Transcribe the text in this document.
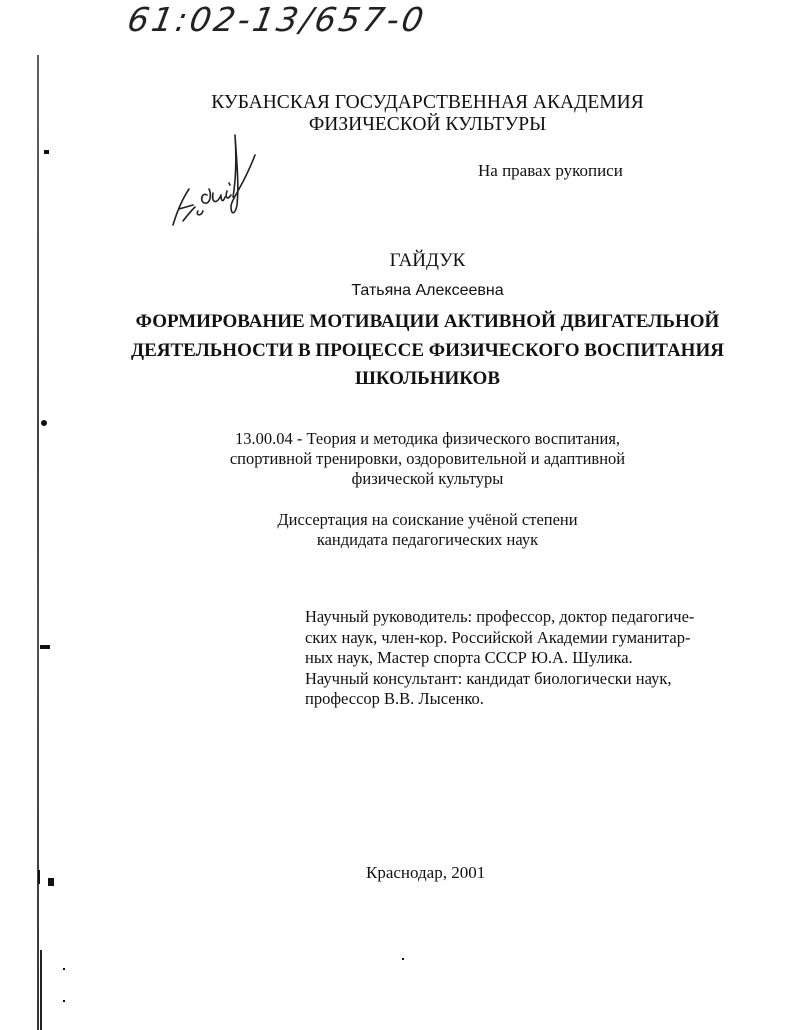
61:02-13/657-0
КУБАНСКАЯ ГОСУДАРСТВЕННАЯ АКАДЕМИЯ
ФИЗИЧЕСКОЙ КУЛЬТУРЫ
На правах рукописи
ГАЙДУК
Татьяна Алексеевна
ФОРМИРОВАНИЕ МОТИВАЦИИ АКТИВНОЙ ДВИГАТЕЛЬНОЙ
ДЕЯТЕЛЬНОСТИ В ПРОЦЕССЕ ФИЗИЧЕСКОГО ВОСПИТАНИЯ
ШКОЛЬНИКОВ
13.00.04 - Теория и методика физического воспитания,
спортивной тренировки, оздоровительной и адаптивной
физической культуры
Диссертация на соискание учёной степени
кандидата педагогических наук
Научный руководитель: профессор, доктор педагогиче-
ских наук, член-кор. Российской Академии гуманитар-
ных наук, Мастер спорта СССР Ю.А. Шулика.
Научный консультант: кандидат биологически наук,
профессор В.В. Лысенко.
Краснодар, 2001
